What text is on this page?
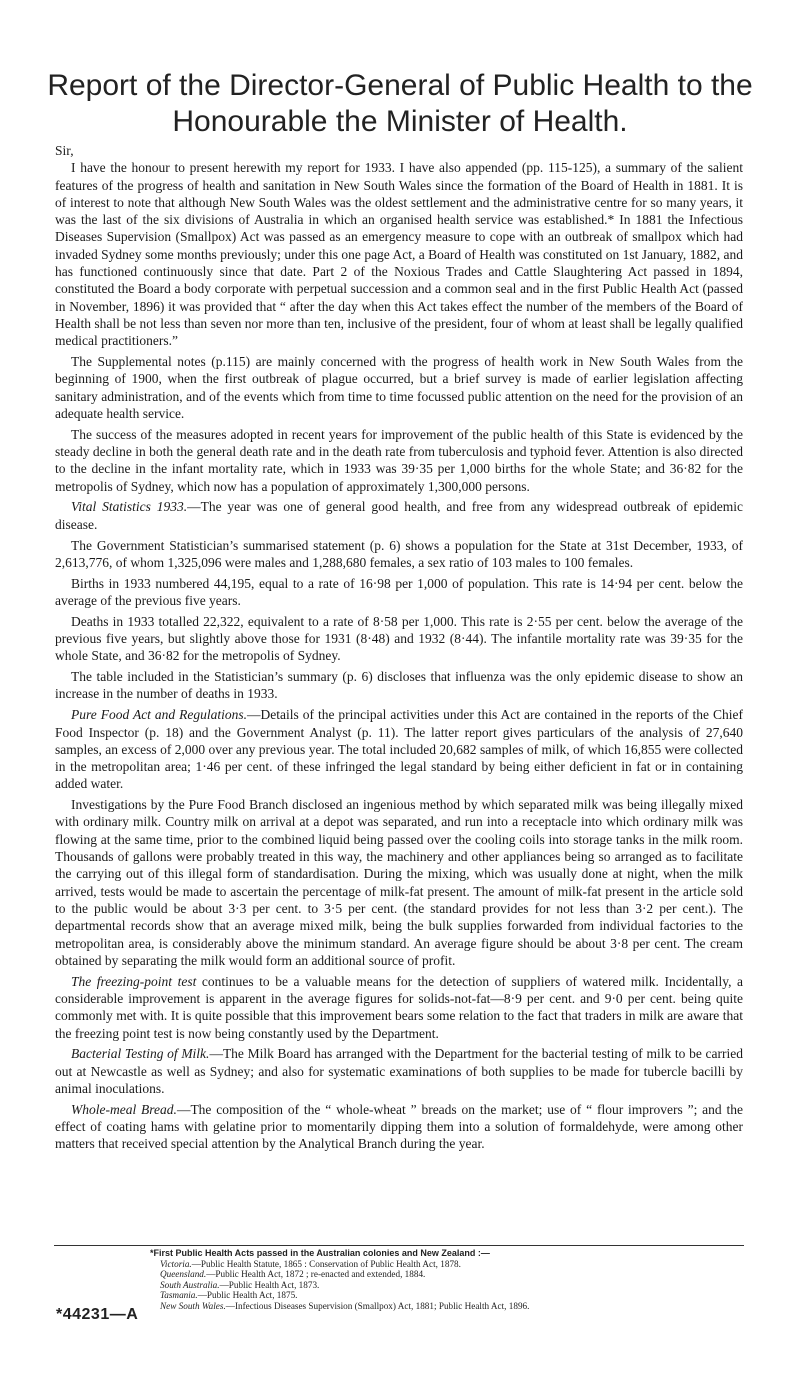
Report of the Director-General of Public Health to the Honourable the Minister of Health.

Sir,

I have the honour to present herewith my report for 1933. I have also appended (pp. 115-125), a summary of the salient features of the progress of health and sanitation in New South Wales since the formation of the Board of Health in 1881. It is of interest to note that although New South Wales was the oldest settlement and the administrative centre for so many years, it was the last of the six divisions of Australia in which an organised health service was established.* In 1881 the Infectious Diseases Supervision (Smallpox) Act was passed as an emergency measure to cope with an outbreak of smallpox which had invaded Sydney some months previously; under this one page Act, a Board of Health was constituted on 1st January, 1882, and has functioned continuously since that date. Part 2 of the Noxious Trades and Cattle Slaughtering Act passed in 1894, constituted the Board a body corporate with perpetual succession and a common seal and in the first Public Health Act (passed in November, 1896) it was provided that “ after the day when this Act takes effect the number of the members of the Board of Health shall be not less than seven nor more than ten, inclusive of the president, four of whom at least shall be legally qualified medical practitioners.”

The Supplemental notes (p.115) are mainly concerned with the progress of health work in New South Wales from the beginning of 1900, when the first outbreak of plague occurred, but a brief survey is made of earlier legislation affecting sanitary administration, and of the events which from time to time focussed public attention on the need for the provision of an adequate health service.

The success of the measures adopted in recent years for improvement of the public health of this State is evidenced by the steady decline in both the general death rate and in the death rate from tuberculosis and typhoid fever. Attention is also directed to the decline in the infant mortality rate, which in 1933 was 39·35 per 1,000 births for the whole State; and 36·82 for the metropolis of Sydney, which now has a population of approximately 1,300,000 persons.

Vital Statistics 1933.—The year was one of general good health, and free from any widespread outbreak of epidemic disease.

The Government Statistician’s summarised statement (p. 6) shows a population for the State at 31st December, 1933, of 2,613,776, of whom 1,325,096 were males and 1,288,680 females, a sex ratio of 103 males to 100 females.

Births in 1933 numbered 44,195, equal to a rate of 16·98 per 1,000 of population. This rate is 14·94 per cent. below the average of the previous five years.

Deaths in 1933 totalled 22,322, equivalent to a rate of 8·58 per 1,000. This rate is 2·55 per cent. below the average of the previous five years, but slightly above those for 1931 (8·48) and 1932 (8·44). The infantile mortality rate was 39·35 for the whole State, and 36·82 for the metropolis of Sydney.

The table included in the Statistician’s summary (p. 6) discloses that influenza was the only epidemic disease to show an increase in the number of deaths in 1933.

Pure Food Act and Regulations.—Details of the principal activities under this Act are contained in the reports of the Chief Food Inspector (p. 18) and the Government Analyst (p. 11). The latter report gives particulars of the analysis of 27,640 samples, an excess of 2,000 over any previous year. The total included 20,682 samples of milk, of which 16,855 were collected in the metropolitan area; 1·46 per cent. of these infringed the legal standard by being either deficient in fat or in containing added water.

Investigations by the Pure Food Branch disclosed an ingenious method by which separated milk was being illegally mixed with ordinary milk. Country milk on arrival at a depot was separated, and run into a receptacle into which ordinary milk was flowing at the same time, prior to the combined liquid being passed over the cooling coils into storage tanks in the milk room. Thousands of gallons were probably treated in this way, the machinery and other appliances being so arranged as to facilitate the carrying out of this illegal form of standardisation. During the mixing, which was usually done at night, when the milk arrived, tests would be made to ascertain the percentage of milk-fat present. The amount of milk-fat present in the article sold to the public would be about 3·3 per cent. to 3·5 per cent. (the standard provides for not less than 3·2 per cent.). The departmental records show that an average mixed milk, being the bulk supplies forwarded from individual factories to the metropolitan area, is considerably above the minimum standard. An average figure should be about 3·8 per cent. The cream obtained by separating the milk would form an additional source of profit.

The freezing-point test continues to be a valuable means for the detection of suppliers of watered milk. Incidentally, a considerable improvement is apparent in the average figures for solids-not-fat—8·9 per cent. and 9·0 per cent. being quite commonly met with. It is quite possible that this improvement bears some relation to the fact that traders in milk are aware that the freezing point test is now being constantly used by the Department.

Bacterial Testing of Milk.—The Milk Board has arranged with the Department for the bacterial testing of milk to be carried out at Newcastle as well as Sydney; and also for systematic examinations of both supplies to be made for tubercle bacilli by animal inoculations.

Whole-meal Bread.—The composition of the “ whole-wheat ” breads on the market; use of “ flour improvers ”; and the effect of coating hams with gelatine prior to momentarily dipping them into a solution of formaldehyde, were among other matters that received special attention by the Analytical Branch during the year.

*First Public Health Acts passed in the Australian colonies and New Zealand :—

Victoria.—Public Health Statute, 1865 : Conservation of Public Health Act, 1878.

Queensland.—Public Health Act, 1872 ; re-enacted and extended, 1884.

South Australia.—Public Health Act, 1873.

Tasmania.—Public Health Act, 1875.

New South Wales.—Infectious Diseases Supervision (Smallpox) Act, 1881; Public Health Act, 1896.

*44231—A
